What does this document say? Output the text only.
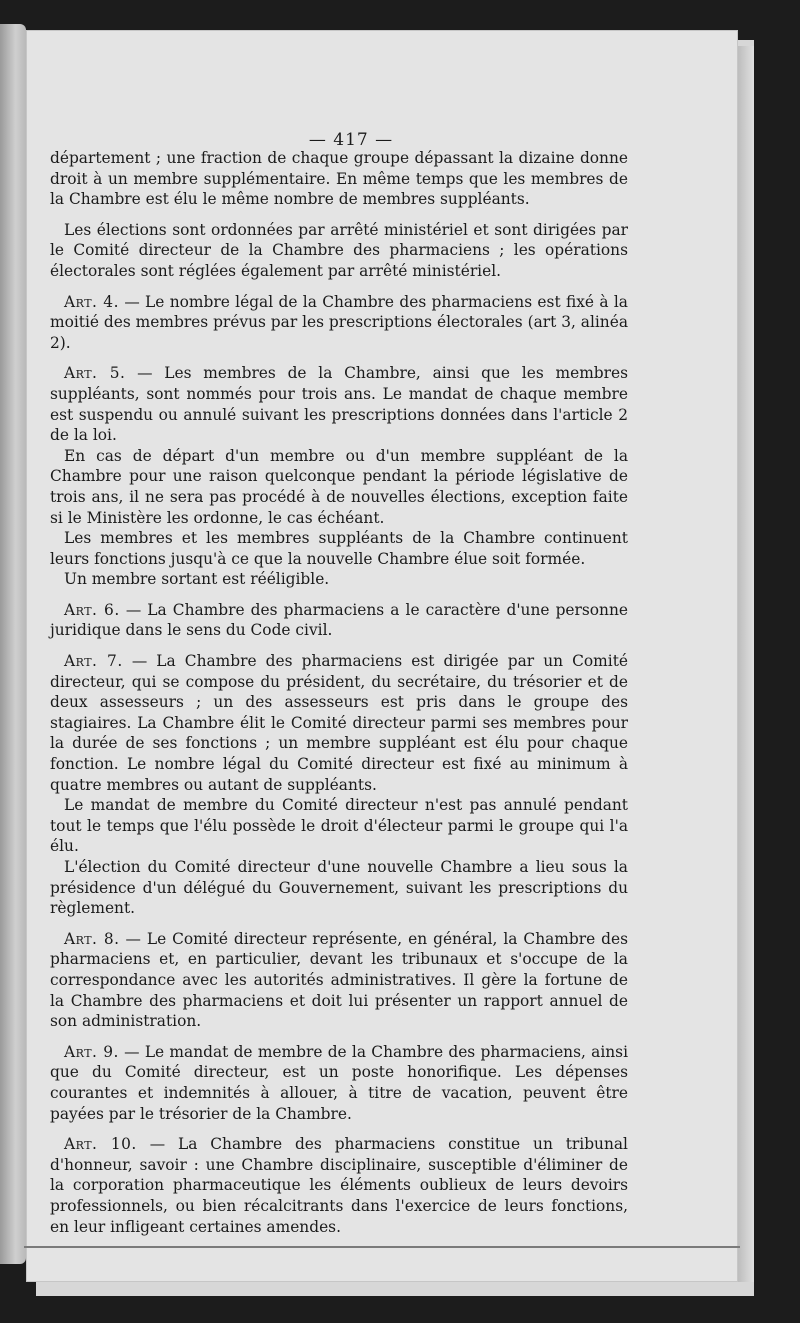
— 417 —

département ; une fraction de chaque groupe dépassant la dizaine donne droit à un membre supplémentaire. En même temps que les membres de la Chambre est élu le même nombre de membres suppléants.

Les élections sont ordonnées par arrêté ministériel et sont dirigées par le Comité directeur de la Chambre des pharmaciens ; les opérations électorales sont réglées également par arrêté ministériel.

Art. 4. — Le nombre légal de la Chambre des pharmaciens est fixé à la moitié des membres prévus par les prescriptions électorales (art 3, alinéa 2).

Art. 5. — Les membres de la Chambre, ainsi que les membres suppléants, sont nommés pour trois ans. Le mandat de chaque membre est suspendu ou annulé suivant les prescriptions données dans l'article 2 de la loi.

En cas de départ d'un membre ou d'un membre suppléant de la Chambre pour une raison quelconque pendant la période législative de trois ans, il ne sera pas procédé à de nouvelles élections, exception faite si le Ministère les ordonne, le cas échéant.

Les membres et les membres suppléants de la Chambre continuent leurs fonctions jusqu'à ce que la nouvelle Chambre élue soit formée.

Un membre sortant est rééligible.

Art. 6. — La Chambre des pharmaciens a le caractère d'une personne juridique dans le sens du Code civil.

Art. 7. — La Chambre des pharmaciens est dirigée par un Comité directeur, qui se compose du président, du secrétaire, du trésorier et de deux assesseurs ; un des assesseurs est pris dans le groupe des stagiaires. La Chambre élit le Comité directeur parmi ses membres pour la durée de ses fonctions ; un membre suppléant est élu pour chaque fonction. Le nombre légal du Comité directeur est fixé au minimum à quatre membres ou autant de suppléants.

Le mandat de membre du Comité directeur n'est pas annulé pendant tout le temps que l'élu possède le droit d'électeur parmi le groupe qui l'a élu.

L'élection du Comité directeur d'une nouvelle Chambre a lieu sous la présidence d'un délégué du Gouvernement, suivant les prescriptions du règlement.

Art. 8. — Le Comité directeur représente, en général, la Chambre des pharmaciens et, en particulier, devant les tribunaux et s'occupe de la correspondance avec les autorités administratives. Il gère la fortune de la Chambre des pharmaciens et doit lui présenter un rapport annuel de son administration.

Art. 9. — Le mandat de membre de la Chambre des pharmaciens, ainsi que du Comité directeur, est un poste honorifique. Les dépenses courantes et indemnités à allouer, à titre de vacation, peuvent être payées par le trésorier de la Chambre.

Art. 10. — La Chambre des pharmaciens constitue un tribunal d'honneur, savoir : une Chambre disciplinaire, susceptible d'éliminer de la corporation pharmaceutique les éléments oublieux de leurs devoirs professionnels, ou bien récalcitrants dans l'exercice de leurs fonctions, en leur infligeant certaines amendes.
